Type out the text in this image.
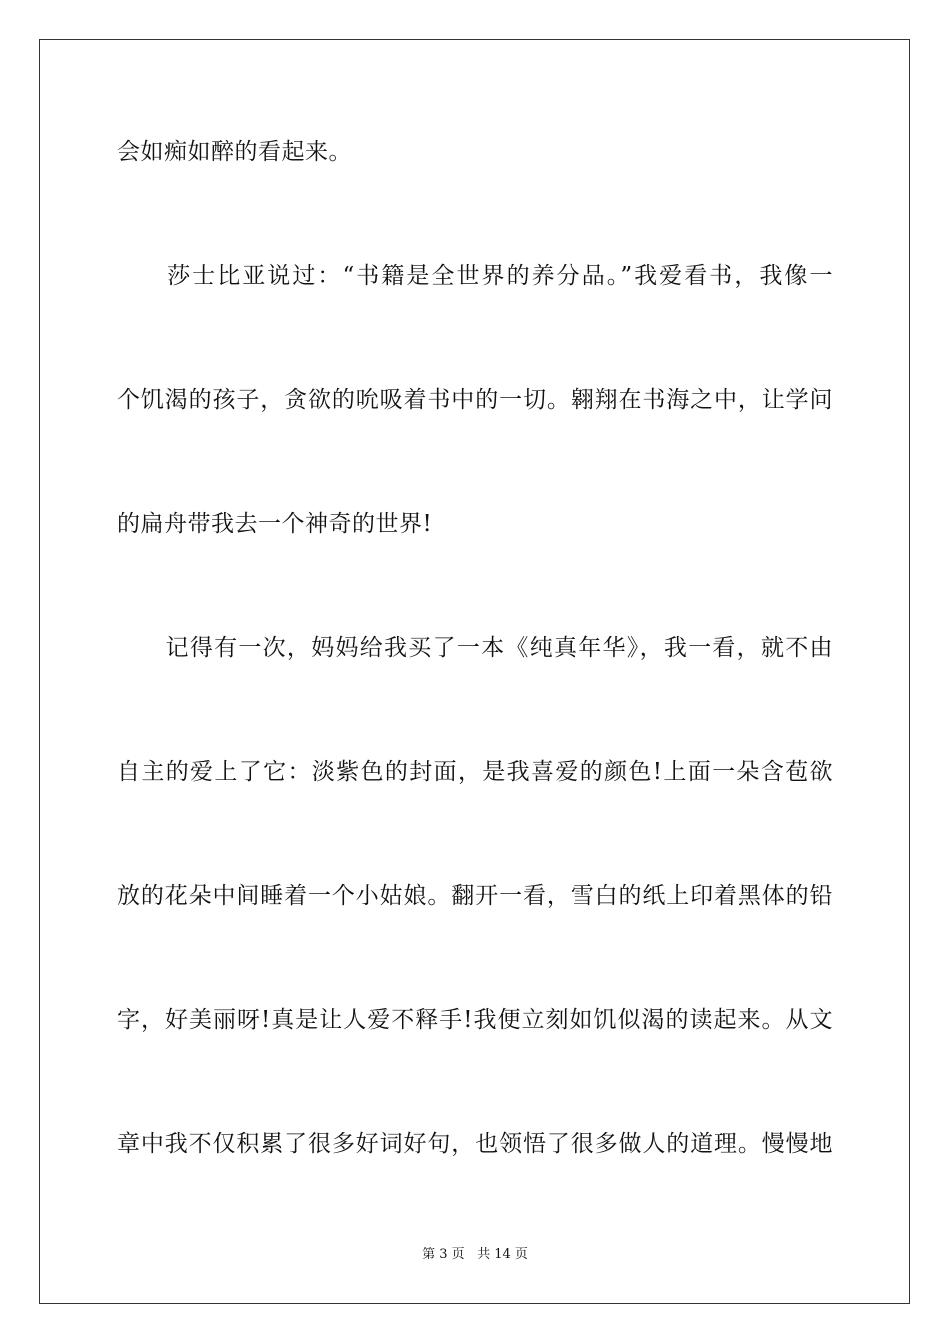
会如痴如醉的看起来。
　　莎士比亚说过：“书籍是全世界的养分品。”我爱看书，我像一
个饥渴的孩子，贪欲的吮吸着书中的一切。翱翔在书海之中，让学问
的扁舟带我去一个神奇的世界!
　　记得有一次，妈妈给我买了一本《纯真年华》，我一看，就不由
自主的爱上了它：淡紫色的封面，是我喜爱的颜色!上面一朵含苞欲
放的花朵中间睡着一个小姑娘。翻开一看，雪白的纸上印着黑体的铅
字，好美丽呀!真是让人爱不释手!我便立刻如饥似渴的读起来。从文
章中我不仅积累了很多好词好句，也领悟了很多做人的道理。慢慢地
第 3 页 共 14 页
